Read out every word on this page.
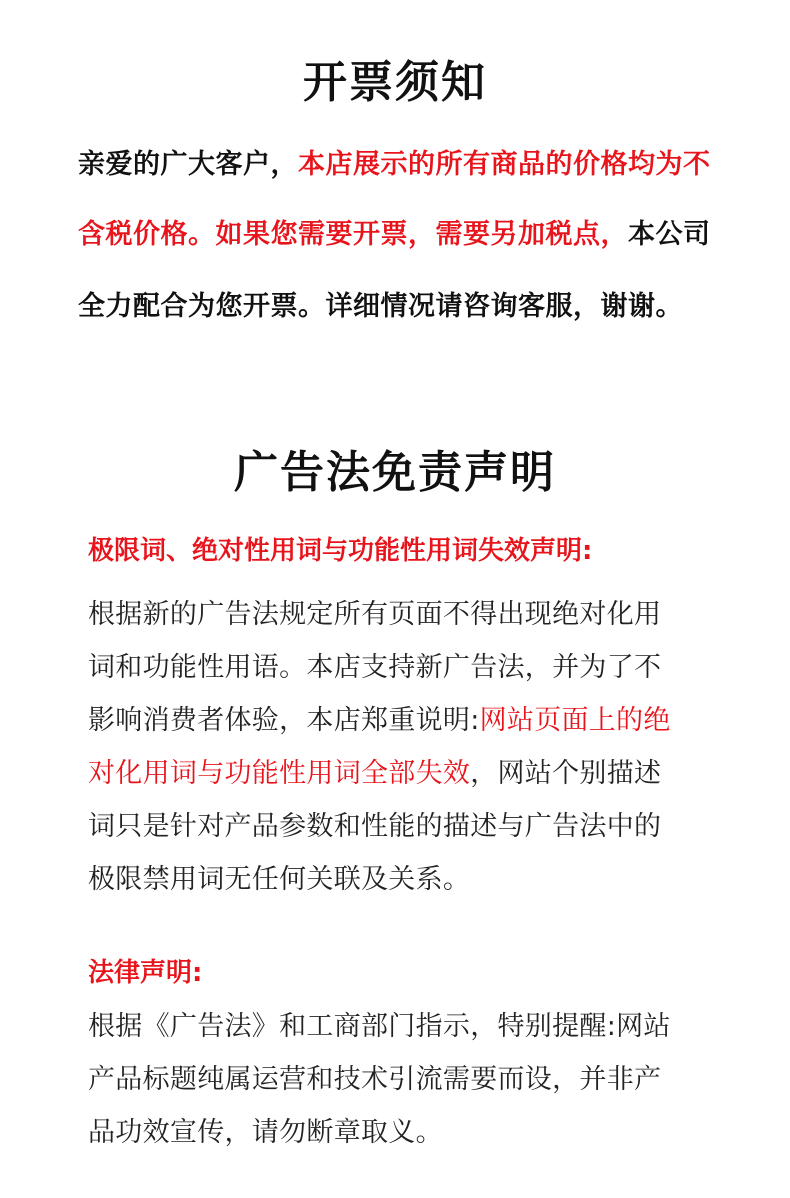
开票须知
亲爱的广大客户，本店展示的所有商品的价格均为不
含税价格。如果您需要开票，需要另加税点，本公司
全力配合为您开票。详细情况请咨询客服，谢谢。
广告法免责声明
极限词、绝对性用词与功能性用词失效声明:
根据新的广告法规定所有页面不得出现绝对化用
词和功能性用语。本店支持新广告法，并为了不
影响消费者体验，本店郑重说明:网站页面上的绝
对化用词与功能性用词全部失效，网站个别描述
词只是针对产品参数和性能的描述与广告法中的
极限禁用词无任何关联及关系。
法律声明:
根据《广告法》和工商部门指示，特别提醒:网站
产品标题纯属运营和技术引流需要而设，并非产
品功效宣传，请勿断章取义。
